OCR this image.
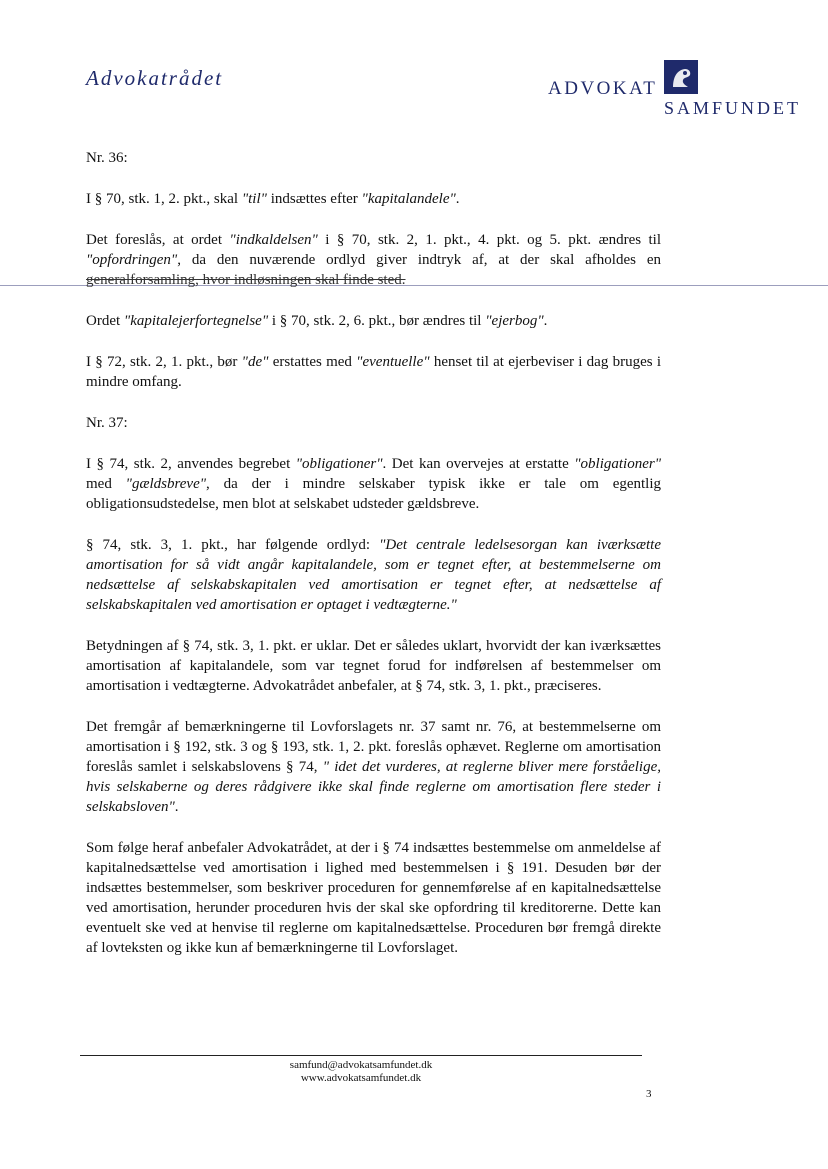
Advokatrådet	ADVOKAT
SAMFUNDET

Nr. 36:

I § 70, stk. 1, 2. pkt., skal "til" indsættes efter "kapitalandele".

Det foreslås, at ordet "indkaldelsen" i § 70, stk. 2, 1. pkt., 4. pkt. og 5. pkt. ændres til "opfordringen", da den nuværende ordlyd giver indtryk af, at der skal afholdes en generalforsamling, hvor indløsningen skal finde sted.

Ordet "kapitalejerfortegnelse" i § 70, stk. 2, 6. pkt., bør ændres til "ejerbog".

I § 72, stk. 2, 1. pkt., bør "de" erstattes med "eventuelle" henset til at ejerbeviser i dag bruges i mindre omfang.

Nr. 37:

I § 74, stk. 2, anvendes begrebet "obligationer". Det kan overvejes at erstatte "obligationer" med "gældsbreve", da der i mindre selskaber typisk ikke er tale om egentlig obligationsudstedelse, men blot at selskabet udsteder gældsbreve.

§ 74, stk. 3, 1. pkt., har følgende ordlyd: "Det centrale ledelsesorgan kan iværksætte amortisation for så vidt angår kapitalandele, som er tegnet efter, at bestemmelserne om nedsættelse af selskabskapitalen ved amortisation er tegnet efter, at nedsættelse af selskabskapitalen ved amortisation er optaget i vedtægterne."

Betydningen af § 74, stk. 3, 1. pkt. er uklar. Det er således uklart, hvorvidt der kan iværksættes amortisation af kapitalandele, som var tegnet forud for indførelsen af bestemmelser om amortisation i vedtægterne. Advokatrådet anbefaler, at § 74, stk. 3, 1. pkt., præciseres.

Det fremgår af bemærkningerne til Lovforslagets nr. 37 samt nr. 76, at bestemmelserne om amortisation i § 192, stk. 3 og § 193, stk. 1, 2. pkt. foreslås ophævet. Reglerne om amortisation foreslås samlet i selskabslovens § 74, " idet det vurderes, at reglerne bliver mere forståelige, hvis selskaberne og deres rådgivere ikke skal finde reglerne om amortisation flere steder i selskabsloven".

Som følge heraf anbefaler Advokatrådet, at der i § 74 indsættes bestemmelse om anmeldelse af kapitalnedsættelse ved amortisation i lighed med bestemmelsen i § 191. Desuden bør der indsættes bestemmelser, som beskriver proceduren for gennemførelse af en kapitalnedsættelse ved amortisation, herunder proceduren hvis der skal ske opfordring til kreditorerne. Dette kan eventuelt ske ved at henvise til reglerne om kapitalnedsættelse. Proceduren bør fremgå direkte af lovteksten og ikke kun af bemærkningerne til Lovforslaget.

samfund@advokatsamfundet.dk
www.advokatsamfundet.dk
3
